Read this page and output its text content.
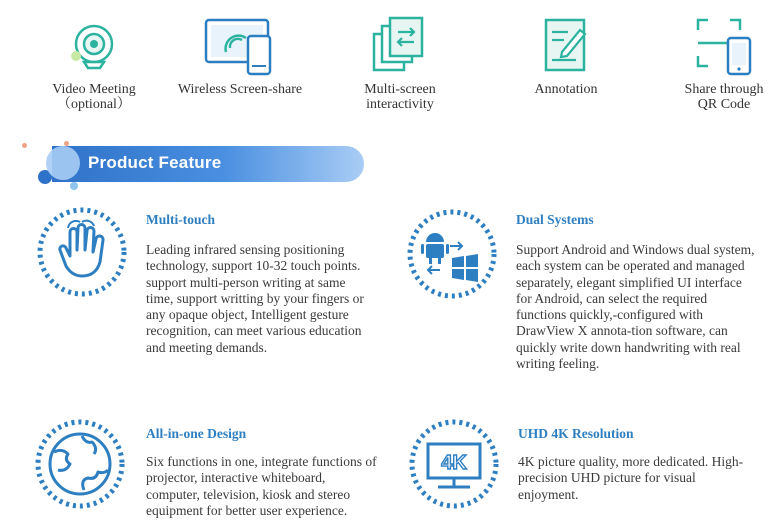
Video Meeting
（optional）
Wireless Screen-share	Multi-screen
interactivity
Annotation	Share through
QR Code
Product Feature
Multi-touch

Leading infrared sensing positioning technology, support 10-32 touch points. support multi-person writing at same time, support writting by your fingers or any opaque object, Intelligent gesture recognition, can meet various education and meeting demands.

Dual Systems

Support Android and Windows dual system, each system can be operated and managed separately, elegant simplified UI interface for Android, can select the required functions quickly,-configured with DrawView X annota-tion software, can quickly write down handwriting with real writing feeling.

All-in-one Design

Six functions in one, integrate functions of projector, interactive whiteboard, computer, television, kiosk and stereo equipment for better user experience.

4K
UHD 4K Resolution

4K picture quality, more dedicated. High-precision UHD picture for visual enjoyment.
